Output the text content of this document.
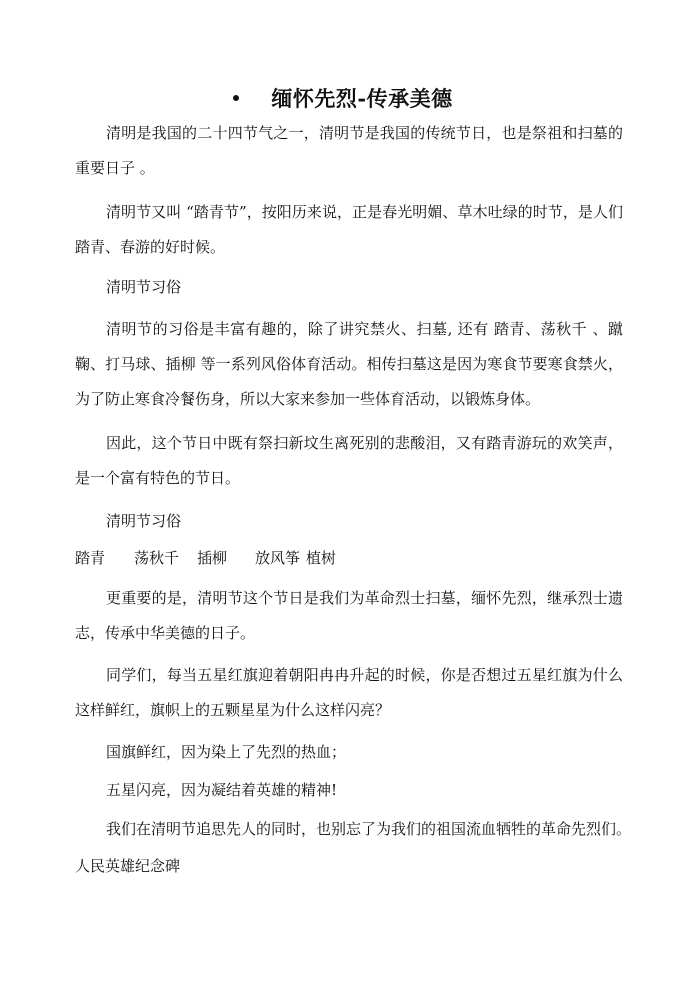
缅怀先烈-传承美德

清明是我国的二十四节气之一，清明节是我国的传统节日，也是祭祖和扫墓的重要日子 。

清明节又叫 “踏青节”，按阳历来说，正是春光明媚、草木吐绿的时节，是人们踏青、春游的好时候。

清明节习俗

清明节的习俗是丰富有趣的，除了讲究禁火、扫墓, 还有 踏青、荡秋千 、蹴鞠、打马球、插柳 等一系列风俗体育活动。相传扫墓这是因为寒食节要寒食禁火，为了防止寒食冷餐伤身，所以大家来参加一些体育活动，以锻炼身体。

因此，这个节日中既有祭扫新坟生离死别的悲酸泪，又有踏青游玩的欢笑声，是一个富有特色的节日。

清明节习俗

踏青	荡秋千	插柳	放风筝 植树

更重要的是，清明节这个节日是我们为革命烈士扫墓，缅怀先烈，继承烈士遗志，传承中华美德的日子。

同学们，每当五星红旗迎着朝阳冉冉升起的时候，你是否想过五星红旗为什么这样鲜红，旗帜上的五颗星星为什么这样闪亮？

国旗鲜红，因为染上了先烈的热血；

五星闪亮，因为凝结着英雄的精神!

我们在清明节追思先人的同时，也别忘了为我们的祖国流血牺牲的革命先烈们。

人民英雄纪念碑
